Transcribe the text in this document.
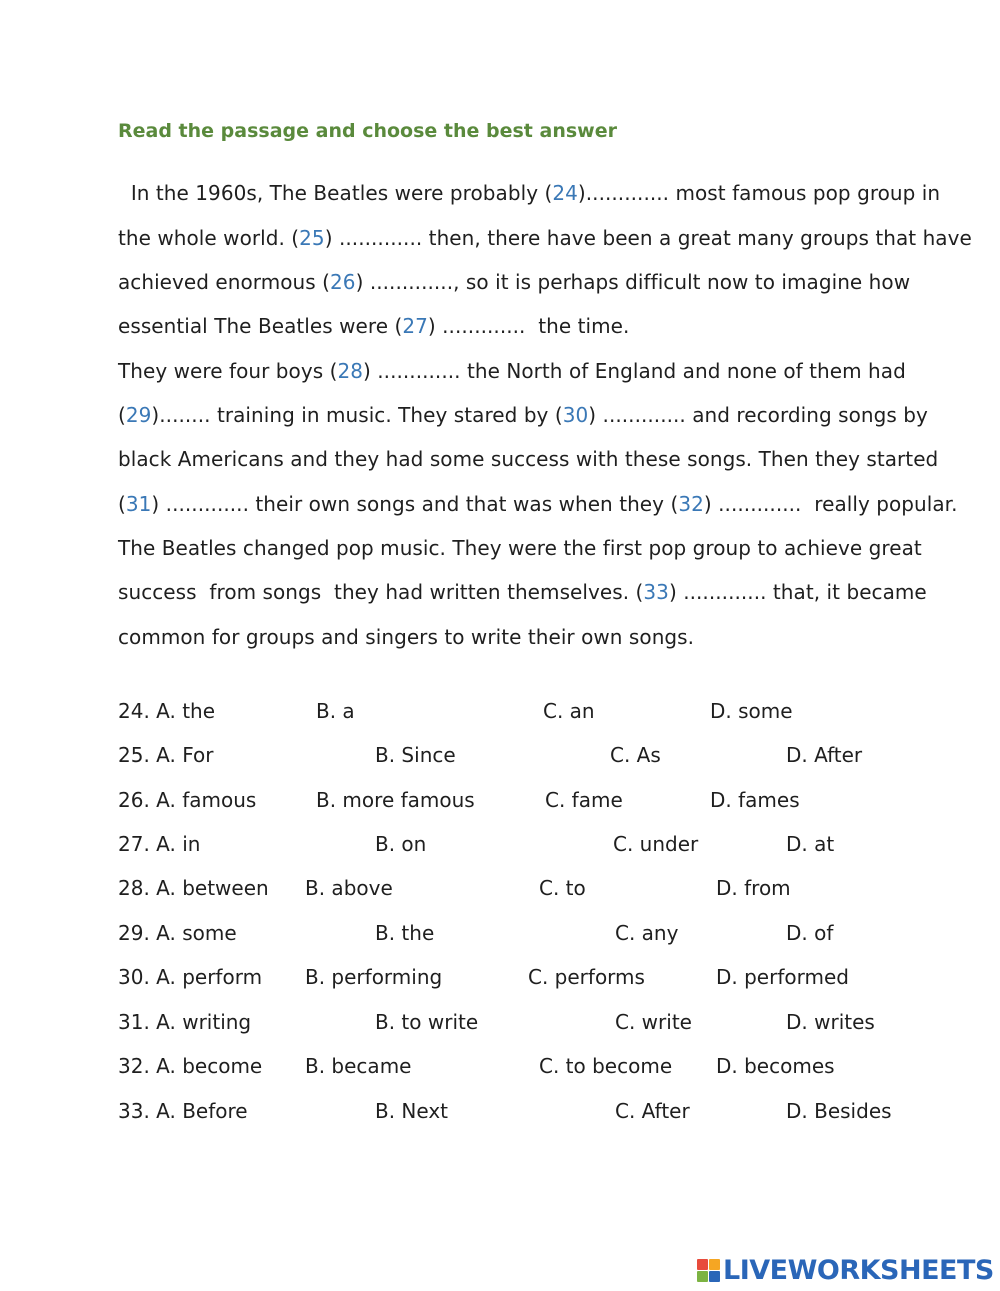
Read the passage and choose the best answer
In the 1960s, The Beatles were probably (24)............. most famous pop group in
the whole world. (25) ............. then, there have been a great many groups that have
achieved enormous (26) ............., so it is perhaps difficult now to imagine how
essential The Beatles were (27) .............  the time.
They were four boys (28) ............. the North of England and none of them had
(29)........ training in music. They stared by (30) ............. and recording songs by
black Americans and they had some success with these songs. Then they started
(31) ............. their own songs and that was when they (32) .............  really popular.
The Beatles changed pop music. They were the first pop group to achieve great
success  from songs  they had written themselves. (33) ............. that, it became
common for groups and singers to write their own songs.
24. A. the	B. a	C. an	D. some
25. A. For	B. Since	C. As	D. After
26. A. famous	B. more famous	C. fame	D. fames
27. A. in	B. on	C. under	D. at
28. A. between B. above	C. to	D. from
29. A. some	B. the	C. any	D. of
30. A. perform B. performing	C. performs	D. performed
31. A. writing	B. to write	C. write	D. writes
32. A. become B. became	C. to become D. becomes
33. A. Before	B. Next	C. After	D. Besides
LIVEWORKSHEETS
